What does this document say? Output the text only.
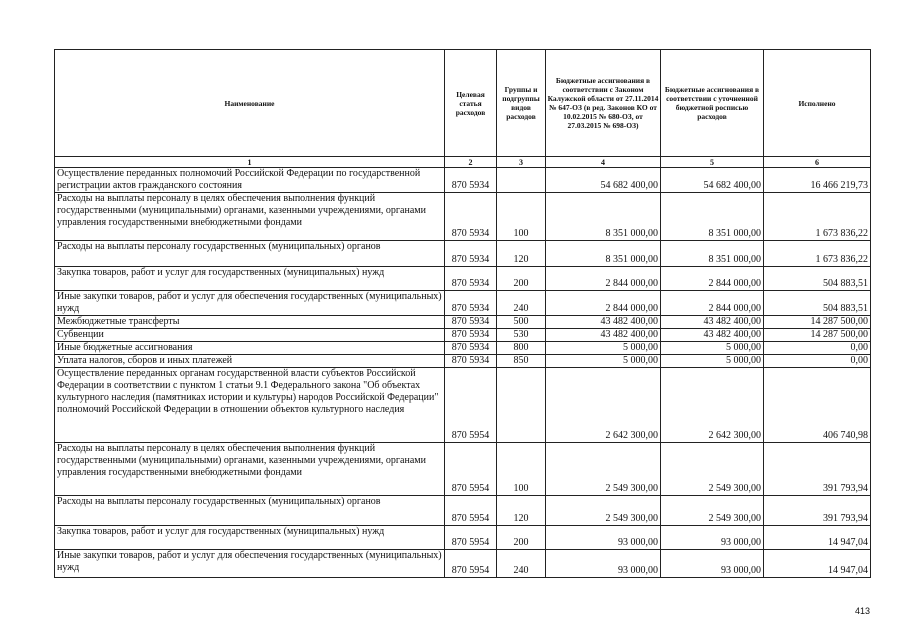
Наименование	Целевая статья расходов	Группы и подгруппы видов расходов	Бюджетные ассигнования в соответствии с Законом Калужской области от 27.11.2014 № 647-ОЗ (в ред. Законов КО от 10.02.2015 № 680-ОЗ, от 27.03.2015 № 698-ОЗ)	Бюджетные ассигнования в соответствии с уточненной бюджетной росписью расходов	Исполнено
1	2	3	4	5	6
Осуществление переданных полномочий Российской Федерации по государственной регистрации актов гражданского состояния	870 5934		54 682 400,00	54 682 400,00	16 466 219,73
Расходы на выплаты персоналу в целях обеспечения выполнения функций государственными (муниципальными) органами, казенными учреждениями, органами управления государственными внебюджетными фондами	870 5934	100	8 351 000,00	8 351 000,00	1 673 836,22
Расходы на выплаты персоналу государственных (муниципальных) органов	870 5934	120	8 351 000,00	8 351 000,00	1 673 836,22
Закупка товаров, работ и услуг для государственных (муниципальных) нужд	870 5934	200	2 844 000,00	2 844 000,00	504 883,51
Иные закупки товаров, работ и услуг для обеспечения государственных (муниципальных) нужд	870 5934	240	2 844 000,00	2 844 000,00	504 883,51
Межбюджетные трансферты	870 5934	500	43 482 400,00	43 482 400,00	14 287 500,00
Субвенции	870 5934	530	43 482 400,00	43 482 400,00	14 287 500,00
Иные бюджетные ассигнования	870 5934	800	5 000,00	5 000,00	0,00
Уплата налогов, сборов и иных платежей	870 5934	850	5 000,00	5 000,00	0,00
Осуществление переданных органам государственной власти субъектов Российской Федерации в соответствии с пунктом 1 статьи 9.1 Федерального закона "Об объектах культурного наследия (памятниках истории и культуры) народов Российской Федерации" полномочий Российской Федерации в отношении объектов культурного наследия	870 5954		2 642 300,00	2 642 300,00	406 740,98
Расходы на выплаты персоналу в целях обеспечения выполнения функций государственными (муниципальными) органами, казенными учреждениями, органами управления государственными внебюджетными фондами	870 5954	100	2 549 300,00	2 549 300,00	391 793,94
Расходы на выплаты персоналу государственных (муниципальных) органов	870 5954	120	2 549 300,00	2 549 300,00	391 793,94
Закупка товаров, работ и услуг для государственных (муниципальных) нужд	870 5954	200	93 000,00	93 000,00	14 947,04
Иные закупки товаров, работ и услуг для обеспечения государственных (муниципальных) нужд	870 5954	240	93 000,00	93 000,00	14 947,04
413
